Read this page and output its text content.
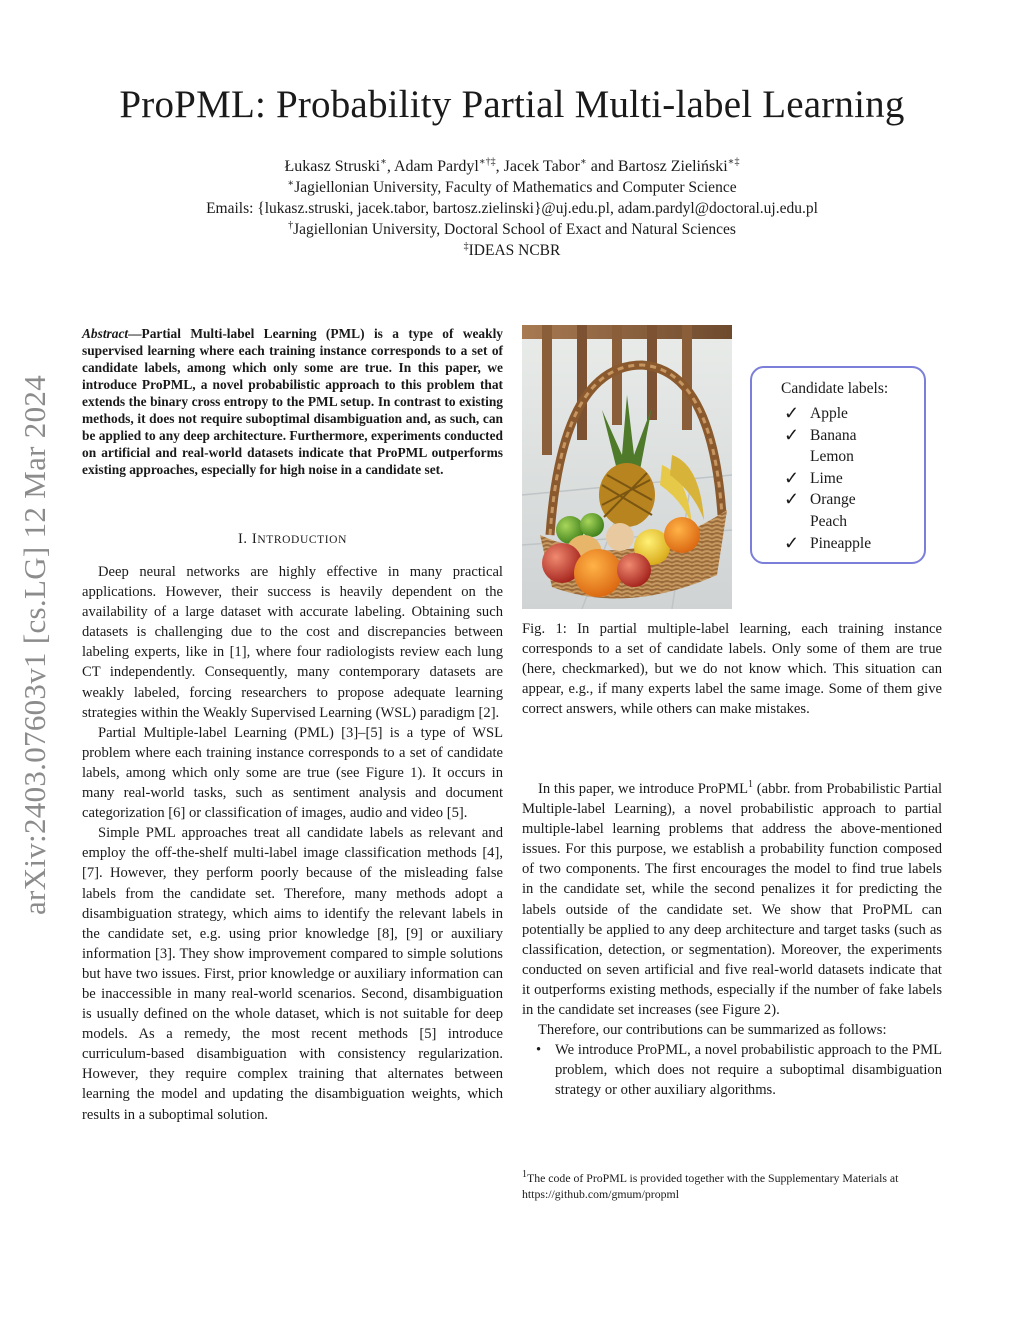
ProPML: Probability Partial Multi-label Learning
Łukasz Struski∗, Adam Pardyl∗†‡, Jacek Tabor∗ and Bartosz Zieliński∗‡
∗Jagiellonian University, Faculty of Mathematics and Computer Science
Emails: {lukasz.struski, jacek.tabor, bartosz.zielinski}@uj.edu.pl, adam.pardyl@doctoral.uj.edu.pl
†Jagiellonian University, Doctoral School of Exact and Natural Sciences
‡IDEAS NCBR
arXiv:2403.07603v1 [cs.LG] 12 Mar 2024
Abstract—Partial Multi-label Learning (PML) is a type of weakly supervised learning where each training instance corresponds to a set of candidate labels, among which only some are true. In this paper, we introduce ProPML, a novel probabilistic approach to this problem that extends the binary cross entropy to the PML setup. In contrast to existing methods, it does not require suboptimal disambiguation and, as such, can be applied to any deep architecture. Furthermore, experiments conducted on artificial and real-world datasets indicate that ProPML outperforms existing approaches, especially for high noise in a candidate set.
I. INTRODUCTION

Deep neural networks are highly effective in many practical applications. However, their success is heavily dependent on the availability of a large dataset with accurate labeling. Obtaining such datasets is challenging due to the cost and discrepancies between labeling experts, like in [1], where four radiologists review each lung CT independently. Consequently, many contemporary datasets are weakly labeled, forcing researchers to propose adequate learning strategies within the Weakly Supervised Learning (WSL) paradigm [2].

Partial Multiple-label Learning (PML) [3]–[5] is a type of WSL problem where each training instance corresponds to a set of candidate labels, among which only some are true (see Figure 1). It occurs in many real-world tasks, such as sentiment analysis and document categorization [6] or classification of images, audio and video [5].

Simple PML approaches treat all candidate labels as relevant and employ the off-the-shelf multi-label image classification methods [4], [7]. However, they perform poorly because of the misleading false labels from the candidate set. Therefore, many methods adopt a disambiguation strategy, which aims to identify the relevant labels in the candidate set, e.g. using prior knowledge [8], [9] or auxiliary information [3]. They show improvement compared to simple solutions but have two issues. First, prior knowledge or auxiliary information can be inaccessible in many real-world scenarios. Second, disambiguation is usually defined on the whole dataset, which is not suitable for deep models. As a remedy, the most recent methods [5] introduce curriculum-based disambiguation with consistency regularization. However, they require complex training that alternates between learning the model and updating the disambiguation weights, which results in a suboptimal solution.

Candidate labels:
✓ Apple
✓ Banana
Lemon
✓ Lime
✓ Orange
Peach
✓ Pineapple
Fig. 1: In partial multiple-label learning, each training instance corresponds to a set of candidate labels. Only some of them are true (here, checkmarked), but we do not know which. This situation can appear, e.g., if many experts label the same image. Some of them give correct answers, while others can make mistakes.

In this paper, we introduce ProPML$^1$ (abbr. from Probabilistic Partial Multiple-label Learning), a novel probabilistic approach to partial multiple-label learning problems that address the above-mentioned issues. For this purpose, we establish a probability function composed of two components. The first encourages the model to find true labels in the candidate set, while the second penalizes it for predicting the labels outside of the candidate set. We show that ProPML can potentially be applied to any deep architecture and target tasks (such as classification, detection, or segmentation). Moreover, the experiments conducted on seven artificial and five real-world datasets indicate that it outperforms existing methods, especially if the number of fake labels in the candidate set increases (see Figure 2).

Therefore, our contributions can be summarized as follows:

• We introduce ProPML, a novel probabilistic approach to the PML problem, which does not require a suboptimal disambiguation strategy or other auxiliary algorithms.

$^1$The code of ProPML is provided together with the Supplementary Materials at https://github.com/gmum/propml
